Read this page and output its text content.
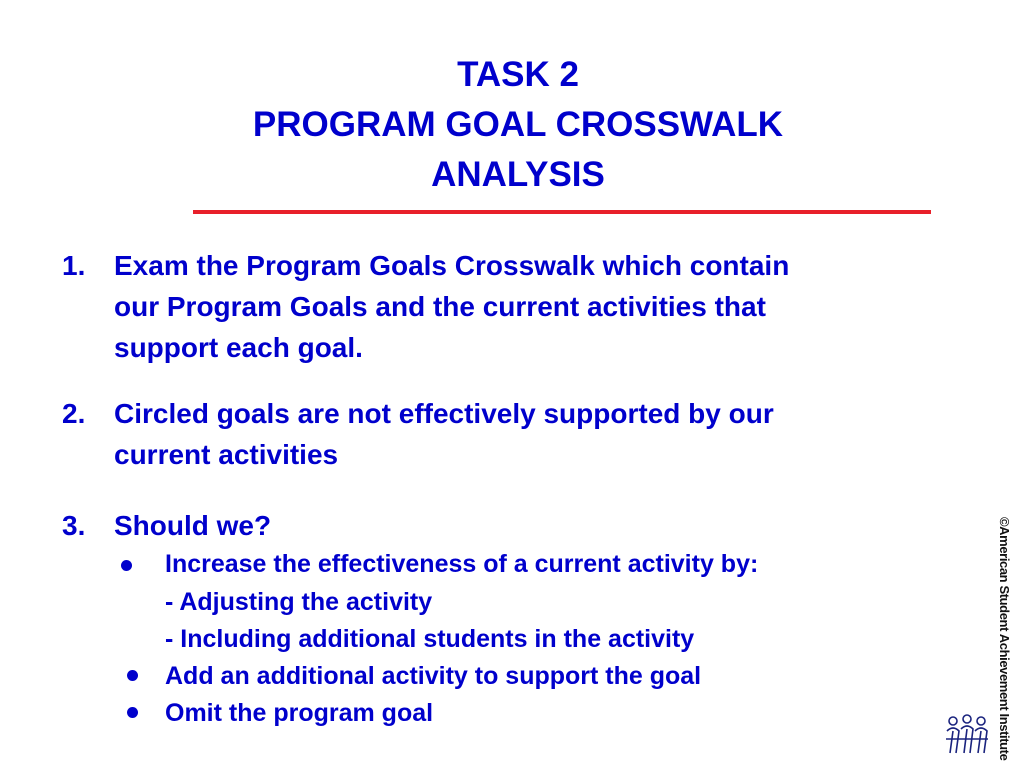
TASK 2
PROGRAM GOAL CROSSWALK
ANALYSIS
1.	Exam the Program Goals Crosswalk which contain
our Program Goals and the current activities that
support each goal.
2.	Circled goals are not effectively supported by our
current activities
3.	Should we?
Increase the effectiveness of a current activity by:
- Adjusting the activity
- Including additional students in the activity
Add an additional activity to support the goal
Omit the program goal	©American Student Achievement Institute
